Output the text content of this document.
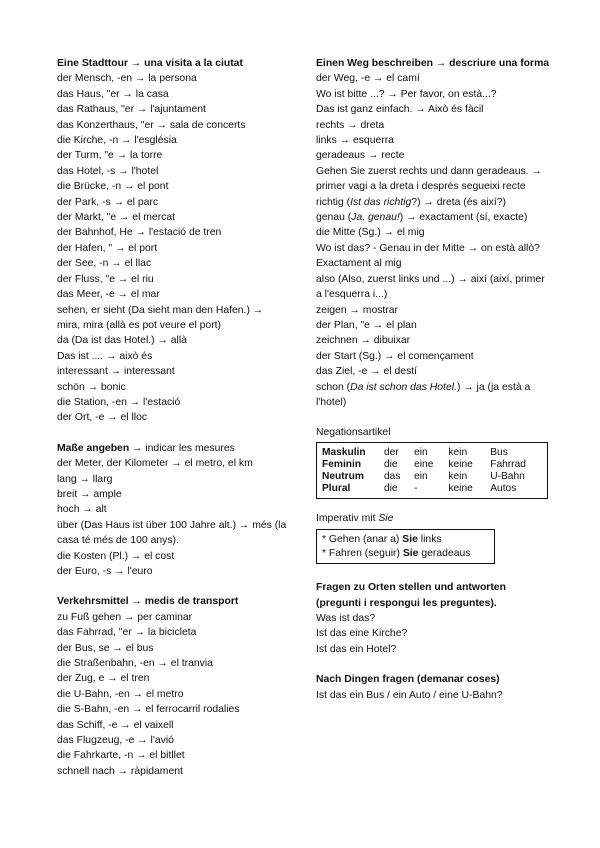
Eine Stadttour → una visita a la ciutat
der Mensch, -en → la persona
das Haus, "er → la casa
das Rathaus, "er → l'ajuntament
das Konzerthaus, "er → sala de concerts
die Kirche, -n → l'església
der Turm, "e → la torre
das Hotel, -s → l'hotel
die Brücke, -n → el pont
der Park, -s → el parc
der Markt, "e → el mercat
der Bahnhof, He → l'estació de tren
der Hafen, " → el port
der See, -n → el llac
der Fluss, "e → el riu
das Meer, -e → el mar
sehen, er sieht (Da sieht man den Hafen.) → mira, mira (allà es pot veure el port)
da (Da ist das Hotel.) → allà
Das ist .... → això és
interessant → interessant
schön → bonic
die Station, -en → l'estació
der Ort, -e → el lloc
Maße angeben → indicar les mesures
der Meter, der Kilometer → el metro, el km
lang → llarg
breit → ample
hoch → alt
über (Das Haus ist über 100 Jahre alt.) → més (la casa té més de 100 anys).
die Kosten (Pl.) → el cost
der Euro, -s → l'euro
Verkehrsmittel → medis de transport
zu Fuß gehen → per caminar
das Fahrrad, "er → la bicicleta
der Bus, se → el bus
die Straßenbahn, -en → el tranvia
der Zug, e → el tren
die U-Bahn, -en → el metro
die S-Bahn, -en → el ferrocarril rodalies
das Schiff, -e → el vaixell
das Flugzeug, -e → l'avió
die Fahrkarte, -n → el bitllet
schnell nach → ràpidament
Einen Weg beschreiben → descriure una forma
der Weg, -e → el camí
Wo ist bitte ...? → Per favor, on està...?
Das ist ganz einfach. → Això és fàcil
rechts → dreta
links → esquerra
geradeaus → recte
Gehen Sie zuerst rechts und dann geradeaus. → primer vagi a la dreta i després segueixi recte
richtig (Ist das richtig?) → dreta (és així?)
genau (Ja, genau!) → exactament (sí, exacte)
die Mitte (Sg.) → el mig
Wo ist das? - Genau in der Mitte → on està allò? Exactament al mig
also (Also, zuerst links und ...) → així (així, primer a l'esquerra i...)
zeigen → mostrar
der Plan, "e → el plan
zeichnen → dibuixar
der Start (Sg.) → el començament
das Ziel, -e → el destí
schon (Da ist schon das Hotel.) → ja (ja està a l'hotel)
Negationsartikel
Maskulin	der	ein	kein	Bus
Feminin	die	eine	keine	Fahrrad
Neutrum	das	ein	kein	U-Bahn
Plural	die	-	keine	Autos
Imperativ mit Sie
* Gehen (anar a) Sie links
* Fahren (seguir) Sie geradeaus
Fragen zu Orten stellen und antworten (pregunti i respongui les preguntes).
Was ist das?
Ist das eine Kirche?
Ist das ein Hotel?
Nach Dingen fragen (demanar coses)
Ist das ein Bus / ein Auto / eine U-Bahn?
